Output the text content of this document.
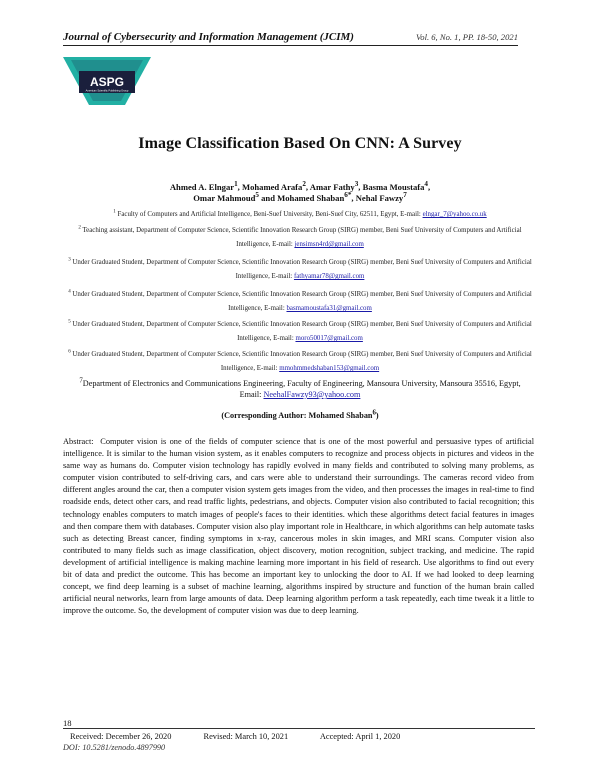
Journal of Cybersecurity and Information Management (JCIM)	Vol. 6, No. 1, PP. 18-50, 2021
ASPG
American Scientific Publishing Group
Image Classification Based On CNN: A Survey
Ahmed A. Elngar$^1$, Mohamed Arafa$^2$, Amar Fathy$^3$, Basma Moustafa$^4$,
Omar Mahmoud$^5$ and Mohamed Shaban$^{6*}$, Nehal Fawzy$^7$
$^1$ Faculty of Computers and Artificial Intelligence, Beni-Suef University, Beni-Suef City, 62511, Egypt, E-mail: elngar_7@yahoo.co.uk
$^2$ Teaching assistant, Department of Computer Science, Scientific Innovation Research Group (SIRG) member, Beni Suef University of Computers and Artificial Intelligence, E-mail: jensimsn4rd@gmail.com
$^3$ Under Graduated Student, Department of Computer Science, Scientific Innovation Research Group (SIRG) member, Beni Suef University of Computers and Artificial Intelligence, E-mail: fathyamar78@gmail.com
$^4$ Under Graduated Student, Department of Computer Science, Scientific Innovation Research Group (SIRG) member, Beni Suef University of Computers and Artificial Intelligence, E-mail: basmamoustafa31@gmail.com
$^5$ Under Graduated Student, Department of Computer Science, Scientific Innovation Research Group (SIRG) member, Beni Suef University of Computers and Artificial Intelligence, E-mail: moro50017@gmail.com
$^6$ Under Graduated Student, Department of Computer Science, Scientific Innovation Research Group (SIRG) member, Beni Suef University of Computers and Artificial Intelligence, E-mail: mmohmmedshaban153@gmail.com
$^7$Department of Electronics and Communications Engineering, Faculty of Engineering, Mansoura University, Mansoura 35516, Egypt, Email: NeehalFawzy93@yahoo.com
(Corresponding Author: Mohamed Shaban$^6$)
Abstract: Computer vision is one of the fields of computer science that is one of the most powerful and persuasive types of artificial intelligence. It is similar to the human vision system, as it enables computers to recognize and process objects in pictures and videos in the same way as humans do. Computer vision technology has rapidly evolved in many fields and contributed to solving many problems, as computer vision contributed to self-driving cars, and cars were able to understand their surroundings. The cameras record video from different angles around the car, then a computer vision system gets images from the video, and then processes the images in real-time to find roadside ends, detect other cars, and read traffic lights, pedestrians, and objects. Computer vision also contributed to facial recognition; this technology enables computers to match images of people's faces to their identities. which these algorithms detect facial features in images and then compare them with databases. Computer vision also play important role in Healthcare, in which algorithms can help automate tasks such as detecting Breast cancer, finding symptoms in x-ray, cancerous moles in skin images, and MRI scans. Computer vision also contributed to many fields such as image classification, object discovery, motion recognition, subject tracking, and medicine. The rapid development of artificial intelligence is making machine learning more important in his field of research. Use algorithms to find out every bit of data and predict the outcome. This has become an important key to unlocking the door to AI. If we had looked to deep learning concept, we find deep learning is a subset of machine learning, algorithms inspired by structure and function of the human brain called artificial neural networks, learn from large amounts of data. Deep learning algorithm perform a task repeatedly, each time tweak it a little to improve the outcome. So, the development of computer vision was due to deep learning.
18
Received: December 26, 2020	Revised: March 10, 2021	Accepted: April 1, 2020
DOI: 10.5281/zenodo.4897990
